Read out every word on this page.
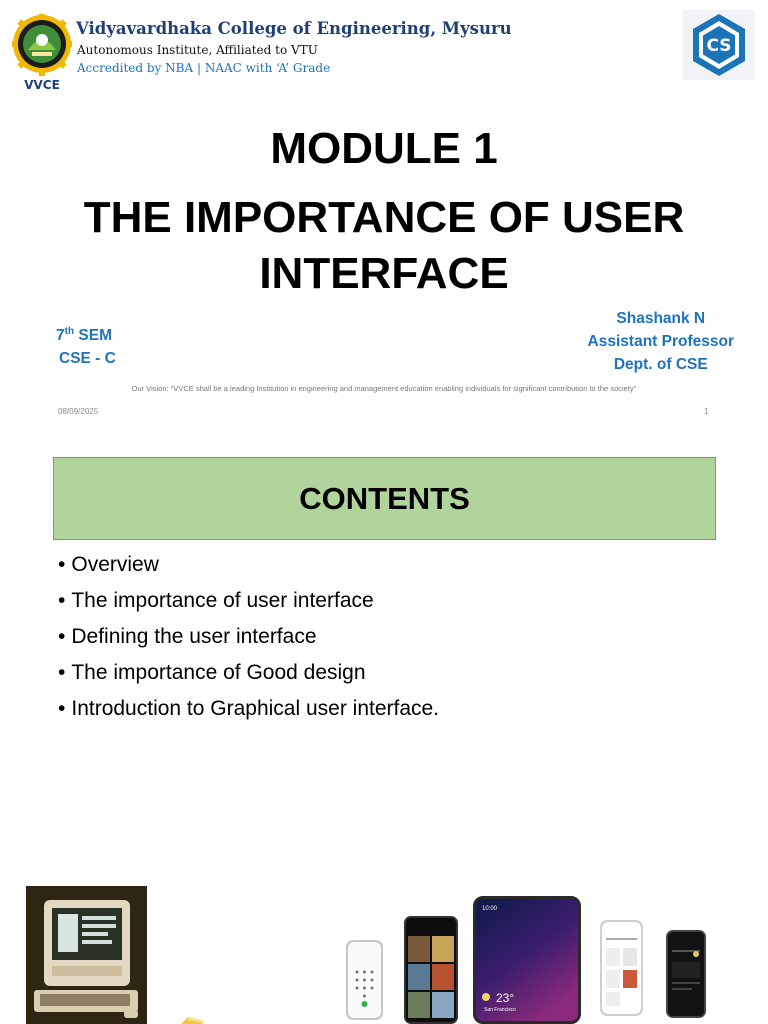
VVCE
Vidyavardhaka College of Engineering, Mysuru
Autonomous Institute, Affiliated to VTU
Accredited by NBA | NAAC with ‘A’ Grade
CS
MODULE 1
THE IMPORTANCE OF USER INTERFACE
7th SEM
CSE - C
Shashank N
Assistant Professor
Dept. of CSE
Our Vision: "VVCE shall be a leading Institution in engineering and management education enabling individuals for significant contribution to the society"
08/09/2025	1
CONTENTS
• Overview
• The importance of user interface
• Defining the user interface
• The importance of Good design
• Introduction to Graphical user interface.
10:00
23°
San Francisco
